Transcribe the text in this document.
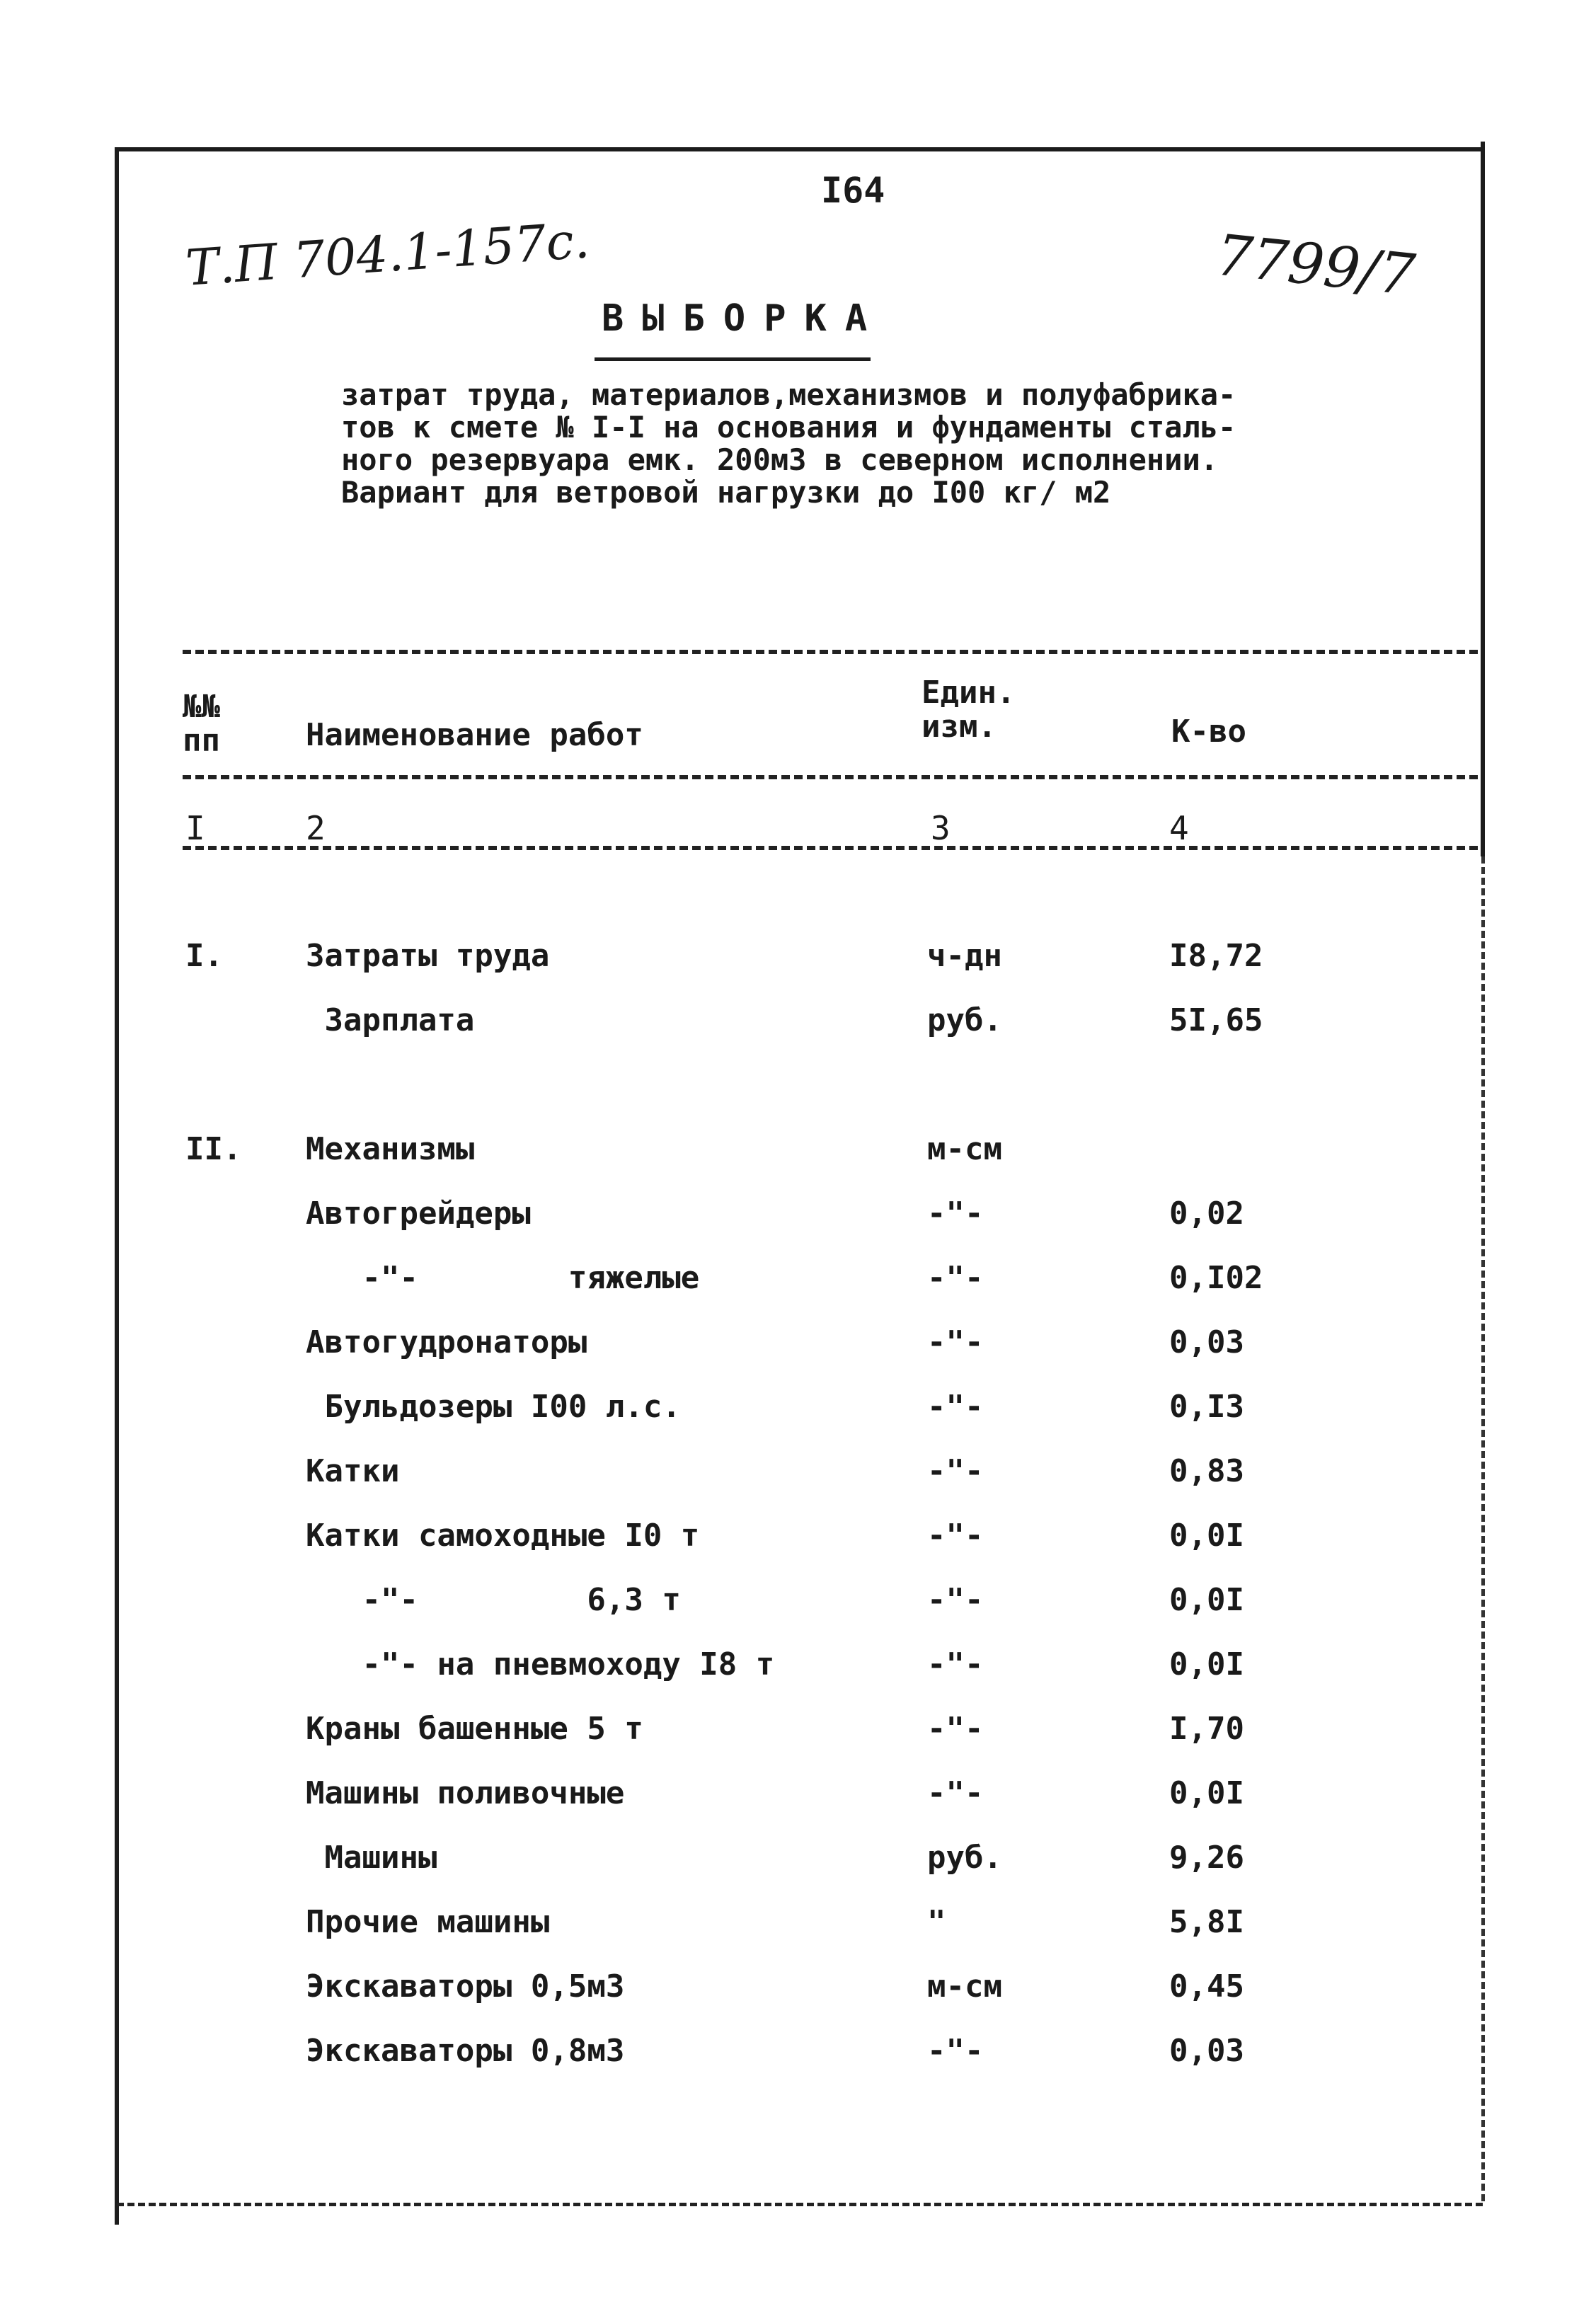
I64
Т.П 704.1-157с.	7799/7
ВЫБОРКА
затрат труда, материалов,механизмов и полуфабрика-
тов к смете № I-I на основания и фундаменты сталь-
ного резервуара емк. 200м3 в северном исполнении.
Вариант для ветровой нагрузки до I00 кг/ м2
№№
пп	Наименование работ
Един.
изм.	К-во
I	2	3	4
I.	Затраты труда	ч-дн	I8,72
Зарплата	руб.	5I,65
II. Механизмы	м-см
Автогрейдеры	-"-	0,02
-"-        тяжелые	-"-	0,I02
Автогудронаторы	-"-	0,03
Бульдозеры I00 л.с.	-"-	0,I3
Катки	-"-	0,83
Катки самоходные I0 т	-"-	0,0I
-"-         6,3 т	-"-	0,0I
-"- на пневмоходу I8 т	-"-	0,0I
Краны башенные 5 т	-"-	I,70
Машины поливочные	-"-	0,0I
Машины	руб.	9,26
Прочие машины	"	5,8I
Экскаваторы 0,5м3	м-см	0,45
Экскаваторы 0,8м3	-"-	0,03
